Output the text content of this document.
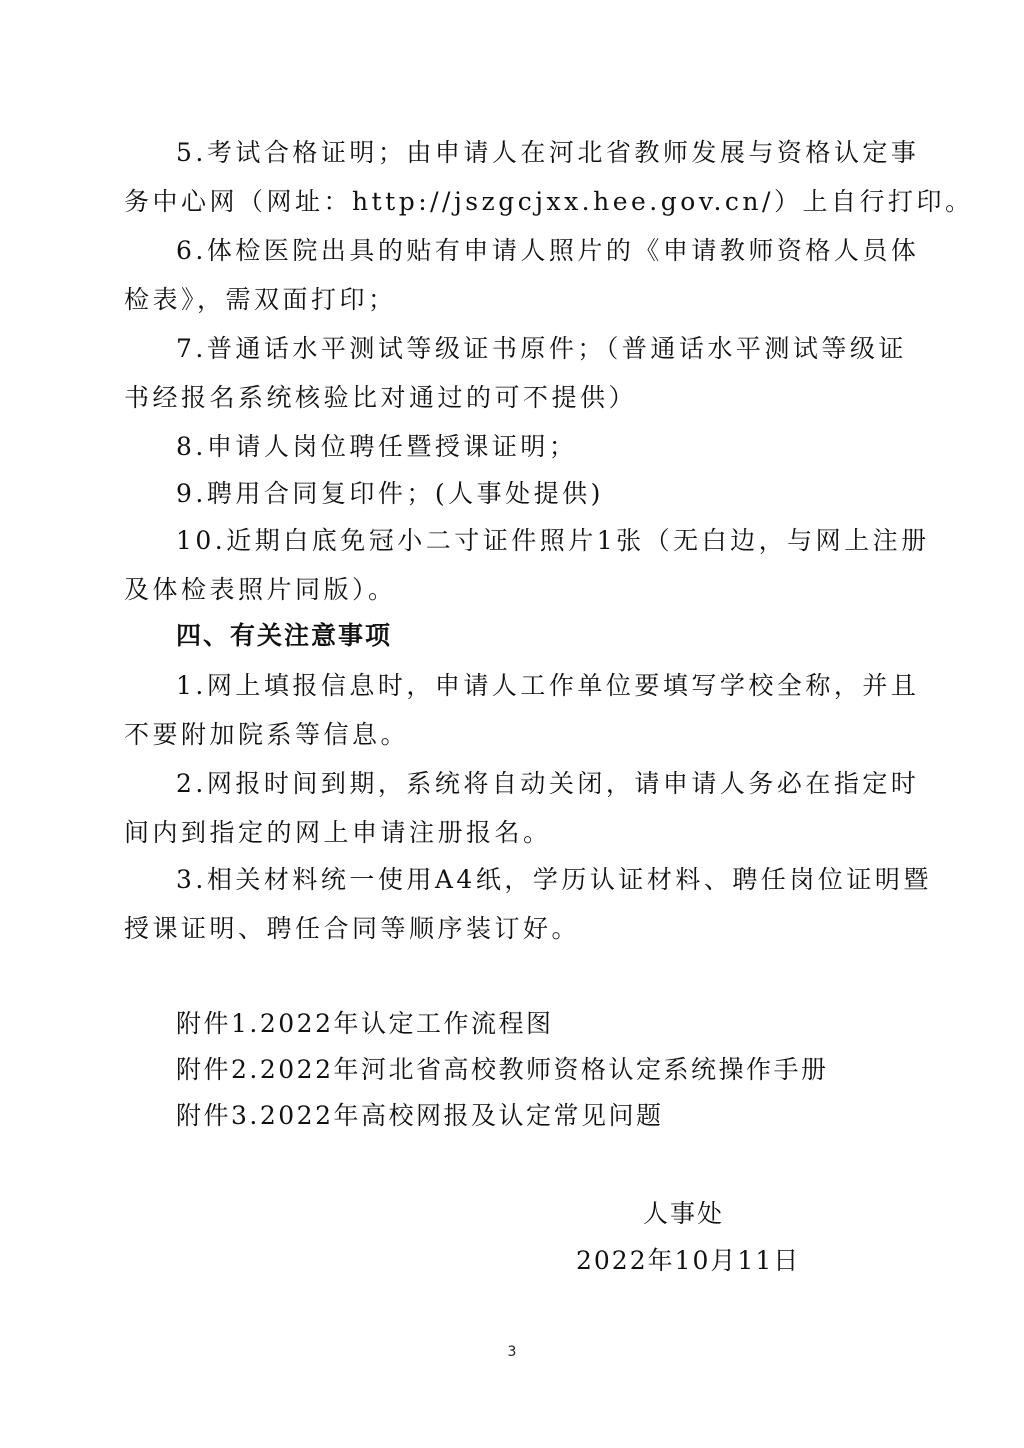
5.考试合格证明；由申请人在河北省教师发展与资格认定事
务中心网（网址：http://jszgcjxx.hee.gov.cn/）上自行打印。
6.体检医院出具的贴有申请人照片的《申请教师资格人员体
检表》，需双面打印；
7.普通话水平测试等级证书原件；（普通话水平测试等级证
书经报名系统核验比对通过的可不提供）
8.申请人岗位聘任暨授课证明；
9.聘用合同复印件；(人事处提供)
10.近期白底免冠小二寸证件照片1张（无白边，与网上注册
及体检表照片同版）。
四、有关注意事项
1.网上填报信息时，申请人工作单位要填写学校全称，并且
不要附加院系等信息。
2.网报时间到期，系统将自动关闭，请申请人务必在指定时
间内到指定的网上申请注册报名。
3.相关材料统一使用A4纸，学历认证材料、聘任岗位证明暨
授课证明、聘任合同等顺序装订好。
附件1.2022年认定工作流程图
附件2.2022年河北省高校教师资格认定系统操作手册
附件3.2022年高校网报及认定常见问题
人事处
2022年10月11日
3
